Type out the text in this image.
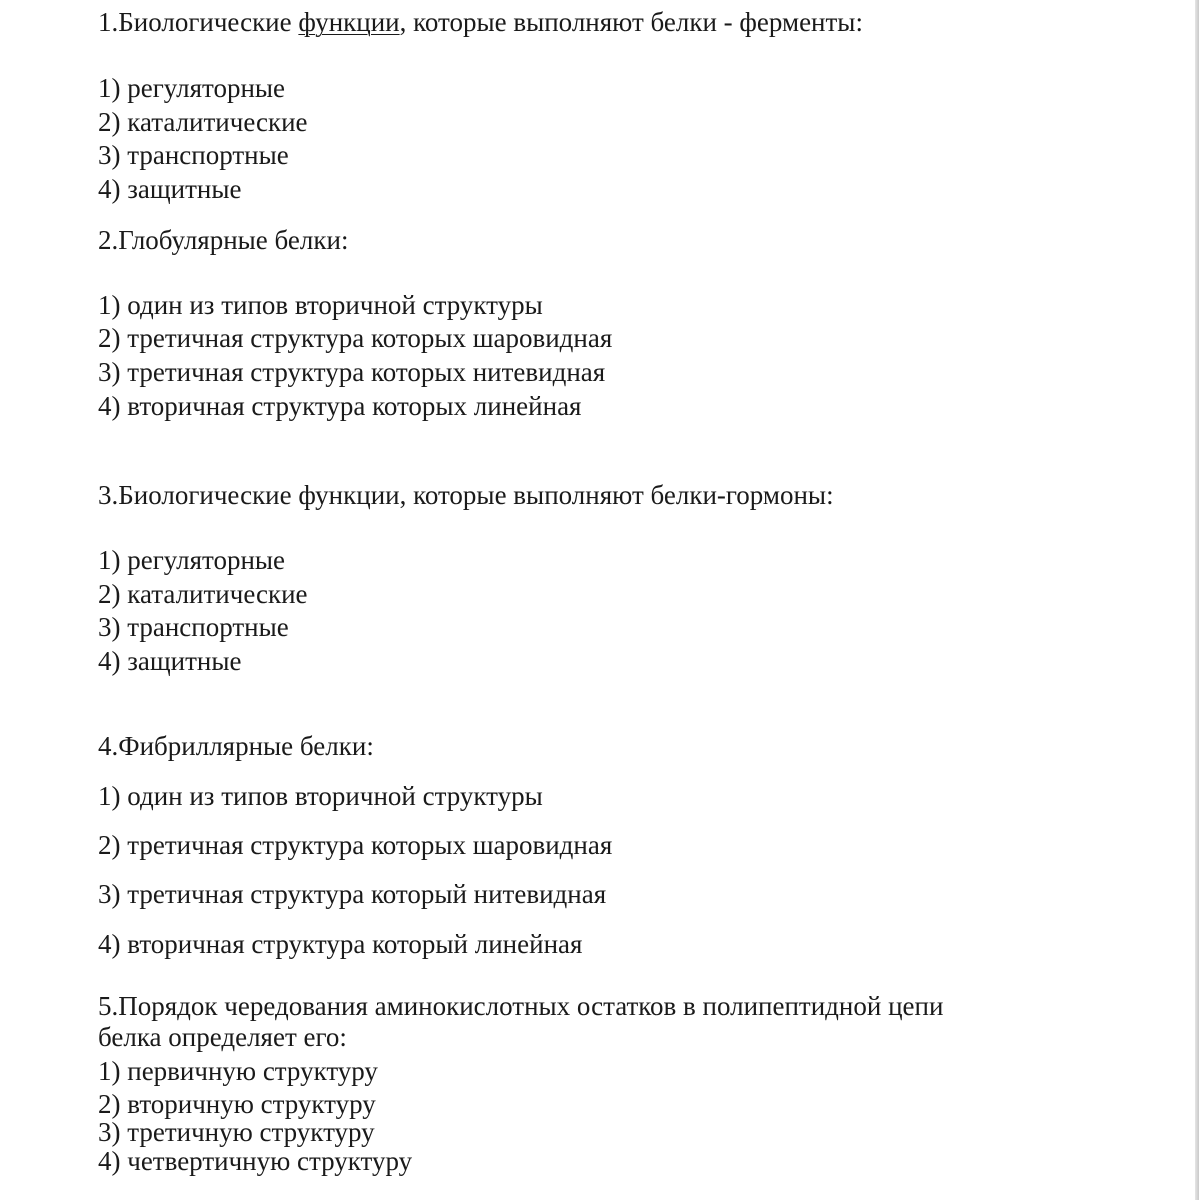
1.Биологические функции, которые выполняют белки - ферменты:
1) регуляторные
2) каталитические
3) транспортные
4) защитные
2.Глобулярные белки:
1) один из типов вторичной структуры
2) третичная структура которых шаровидная
3) третичная структура которых нитевидная
4) вторичная структура которых линейная
3.Биологические функции, которые выполняют белки-гормоны:
1) регуляторные
2) каталитические
3) транспортные
4) защитные
4.Фибриллярные белки:
1) один из типов вторичной структуры
2) третичная структура которых шаровидная
3) третичная структура который нитевидная
4) вторичная структура который линейная
5.Порядок чередования аминокислотных остатков в полипептидной цепи
белка определяет его:
1) первичную структуру
2) вторичную структуру
3) третичную структуру
4) четвертичную структуру
